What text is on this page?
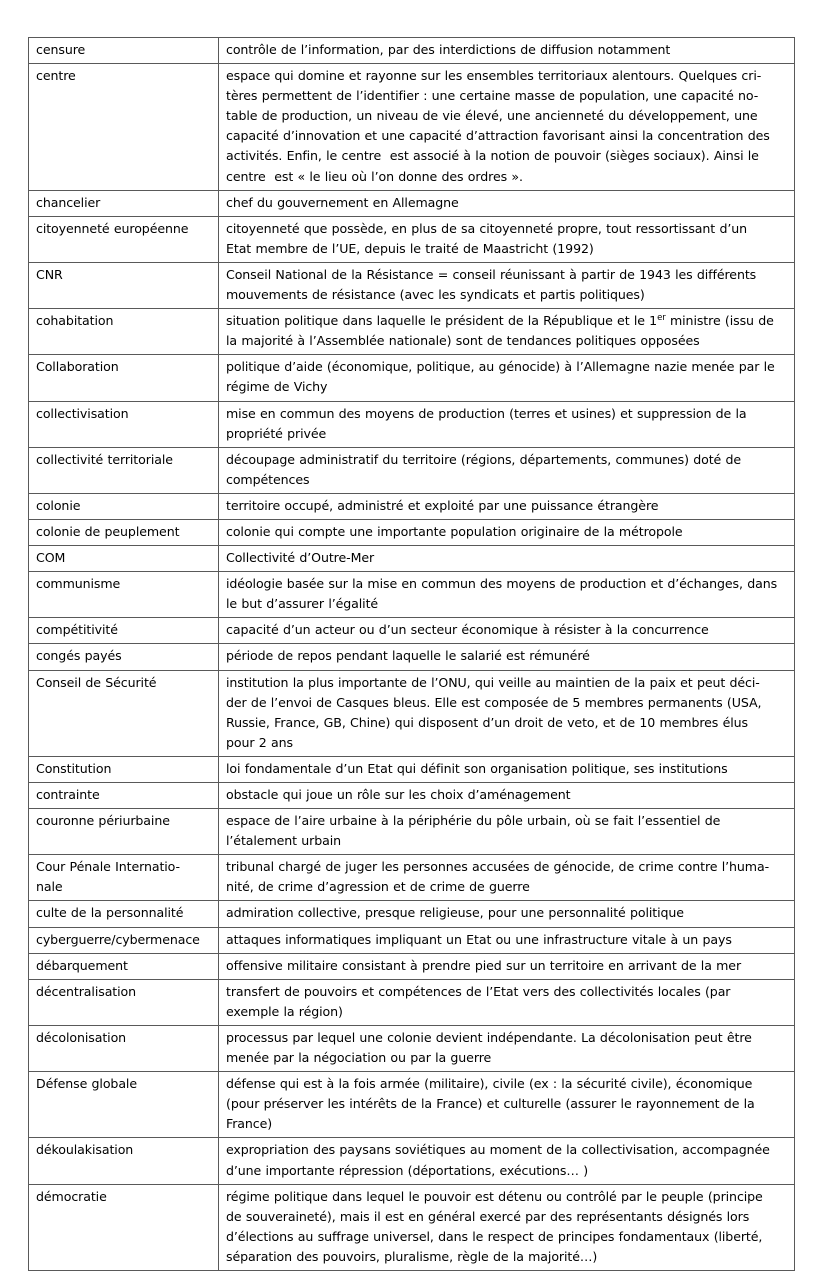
censure	contrôle de l’information, par des interdictions de diffusion notamment

centre	espace qui domine et rayonne sur les ensembles territoriaux alentours. Quelques cri-
tères permettent de l’identifier : une certaine masse de population, une capacité no-
table de production, un niveau de vie élevé, une ancienneté du développement, une
capacité d’innovation et une capacité d’attraction favorisant ainsi la concentration des
activités. Enfin, le centre  est associé à la notion de pouvoir (sièges sociaux). Ainsi le
centre  est « le lieu où l’on donne des ordres ».

chancelier	chef du gouvernement en Allemagne

citoyenneté européenne	citoyenneté que possède, en plus de sa citoyenneté propre, tout ressortissant d’un
Etat membre de l’UE, depuis le traité de Maastricht (1992)

CNR	Conseil National de la Résistance = conseil réunissant à partir de 1943 les différents
mouvements de résistance (avec les syndicats et partis politiques)

cohabitation	situation politique dans laquelle le président de la République et le 1er ministre (issu de
la majorité à l’Assemblée nationale) sont de tendances politiques opposées

Collaboration	politique d’aide (économique, politique, au génocide) à l’Allemagne nazie menée par le
régime de Vichy

collectivisation	mise en commun des moyens de production (terres et usines) et suppression de la
propriété privée

collectivité territoriale	découpage administratif du territoire (régions, départements, communes) doté de
compétences

colonie	territoire occupé, administré et exploité par une puissance étrangère

colonie de peuplement	colonie qui compte une importante population originaire de la métropole

COM	Collectivité d’Outre-Mer

communisme	idéologie basée sur la mise en commun des moyens de production et d’échanges, dans
le but d’assurer l’égalité

compétitivité	capacité d’un acteur ou d’un secteur économique à résister à la concurrence

congés payés	période de repos pendant laquelle le salarié est rémunéré

Conseil de Sécurité	institution la plus importante de l’ONU, qui veille au maintien de la paix et peut déci-
der de l’envoi de Casques bleus. Elle est composée de 5 membres permanents (USA,
Russie, France, GB, Chine) qui disposent d’un droit de veto, et de 10 membres élus
pour 2 ans

Constitution	loi fondamentale d’un Etat qui définit son organisation politique, ses institutions

contrainte	obstacle qui joue un rôle sur les choix d’aménagement

couronne périurbaine	espace de l’aire urbaine à la périphérie du pôle urbain, où se fait l’essentiel de
l’étalement urbain

Cour Pénale Internatio-
nale	tribunal chargé de juger les personnes accusées de génocide, de crime contre l’huma-
nité, de crime d’agression et de crime de guerre

culte de la personnalité	admiration collective, presque religieuse, pour une personnalité politique

cyberguerre/cybermenace	attaques informatiques impliquant un Etat ou une infrastructure vitale à un pays

débarquement	offensive militaire consistant à prendre pied sur un territoire en arrivant de la mer

décentralisation	transfert de pouvoirs et compétences de l’Etat vers des collectivités locales (par
exemple la région)

décolonisation	processus par lequel une colonie devient indépendante. La décolonisation peut être
menée par la négociation ou par la guerre

Défense globale	défense qui est à la fois armée (militaire), civile (ex : la sécurité civile), économique
(pour préserver les intérêts de la France) et culturelle (assurer le rayonnement de la
France)

dékoulakisation	expropriation des paysans soviétiques au moment de la collectivisation, accompagnée
d’une importante répression (déportations, exécutions… )

démocratie	régime politique dans lequel le pouvoir est détenu ou contrôlé par le peuple (principe
de souveraineté), mais il est en général exercé par des représentants désignés lors
d’élections au suffrage universel, dans le respect de principes fondamentaux (liberté,
séparation des pouvoirs, pluralisme, règle de la majorité…)
